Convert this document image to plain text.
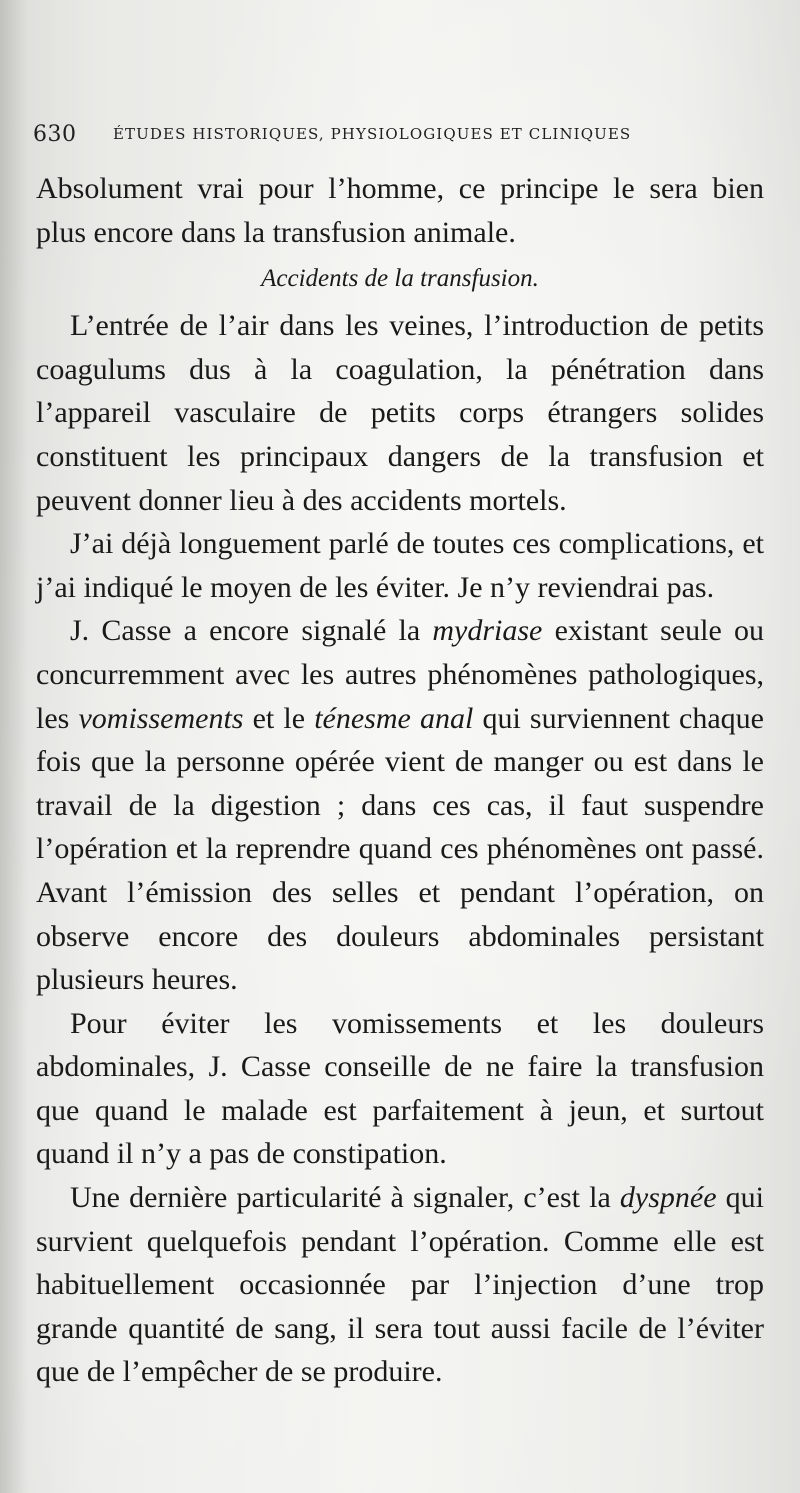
630 ÉTUDES HISTORIQUES, PHYSIOLOGIQUES ET CLINIQUES

Absolument vrai pour l’homme, ce principe le sera bien plus encore dans la transfusion animale.

Accidents de la transfusion.

L’entrée de l’air dans les veines, l’introduction de petits coagulums dus à la coagulation, la pénétration dans l’appareil vasculaire de petits corps étrangers solides constituent les principaux dangers de la transfusion et peuvent donner lieu à des accidents mortels.

J’ai déjà longuement parlé de toutes ces complications, et j’ai indiqué le moyen de les éviter. Je n’y reviendrai pas.

J. Casse a encore signalé la mydriase existant seule ou concurremment avec les autres phénomènes pathologiques, les vomissements et le ténesme anal qui surviennent chaque fois que la personne opérée vient de manger ou est dans le travail de la digestion ; dans ces cas, il faut suspendre l’opération et la reprendre quand ces phénomènes ont passé. Avant l’émission des selles et pendant l’opération, on observe encore des douleurs abdominales persistant plusieurs heures.

Pour éviter les vomissements et les douleurs abdominales, J. Casse conseille de ne faire la transfusion que quand le malade est parfaitement à jeun, et surtout quand il n’y a pas de constipation.

Une dernière particularité à signaler, c’est la dyspnée qui survient quelquefois pendant l’opération. Comme elle est habituellement occasionnée par l’injection d’une trop grande quantité de sang, il sera tout aussi facile de l’éviter que de l’empêcher de se produire.
